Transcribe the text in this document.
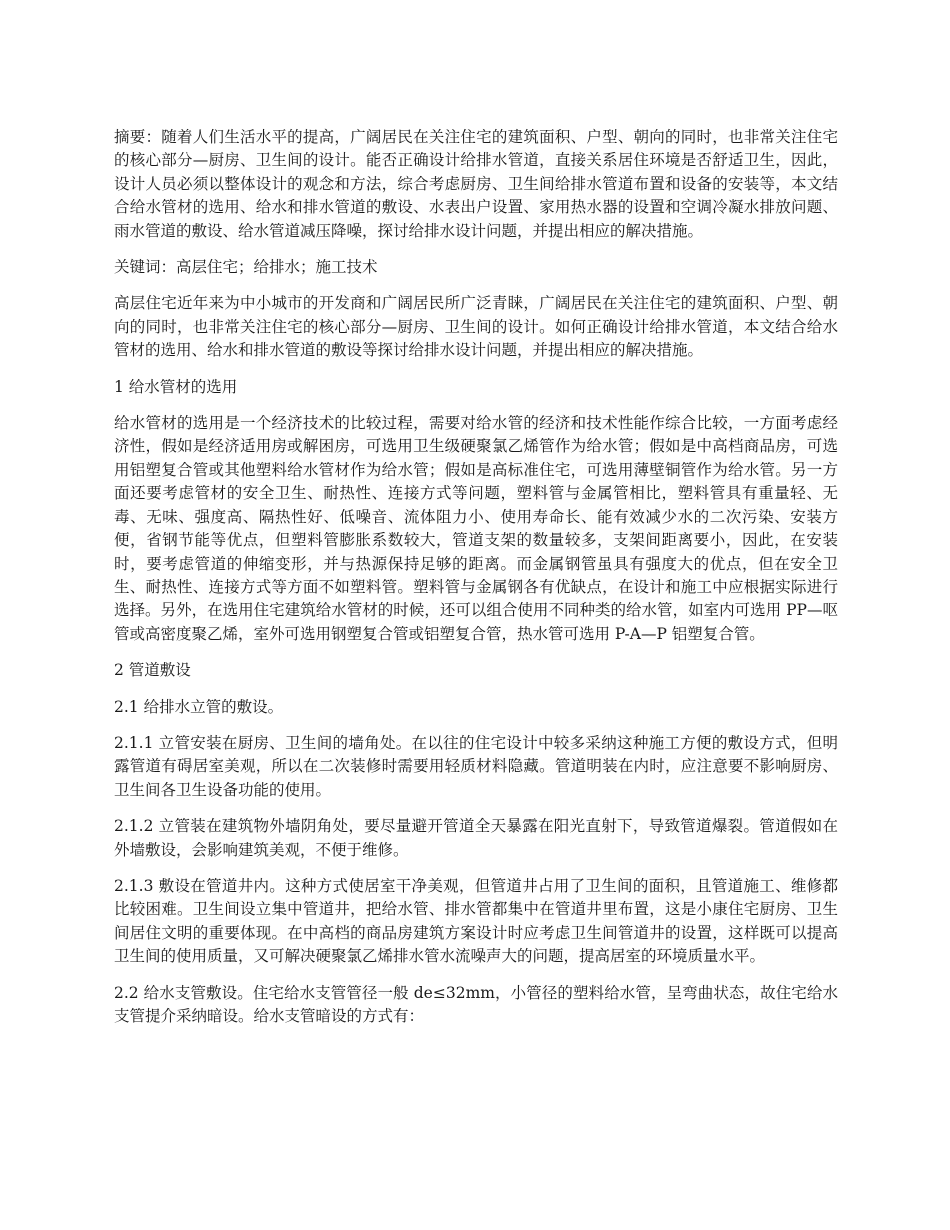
摘要：随着人们生活水平的提高，广阔居民在关注住宅的建筑面积、户型、朝向的同时，也非常关注住宅的核心部分—厨房、卫生间的设计。能否正确设计给排水管道，直接关系居住环境是否舒适卫生，因此，设计人员必须以整体设计的观念和方法，综合考虑厨房、卫生间给排水管道布置和设备的安装等，本文结合给水管材的选用、给水和排水管道的敷设、水表出户设置、家用热水器的设置和空调冷凝水排放问题、雨水管道的敷设、给水管道减压降噪，探讨给排水设计问题，并提出相应的解决措施。

关键词：高层住宅；给排水；施工技术

高层住宅近年来为中小城市的开发商和广阔居民所广泛青睐，广阔居民在关注住宅的建筑面积、户型、朝向的同时，也非常关注住宅的核心部分—厨房、卫生间的设计。如何正确设计给排水管道，本文结合给水管材的选用、给水和排水管道的敷设等探讨给排水设计问题，并提出相应的解决措施。

1 给水管材的选用

给水管材的选用是一个经济技术的比较过程，需要对给水管的经济和技术性能作综合比较，一方面考虑经济性，假如是经济适用房或解困房，可选用卫生级硬聚氯乙烯管作为给水管；假如是中高档商品房，可选用铝塑复合管或其他塑料给水管材作为给水管；假如是高标准住宅，可选用薄壁铜管作为给水管。另一方面还要考虑管材的安全卫生、耐热性、连接方式等问题，塑料管与金属管相比，塑料管具有重量轻、无毒、无味、强度高、隔热性好、低噪音、流体阻力小、使用寿命长、能有效减少水的二次污染、安装方便，省钢节能等优点，但塑料管膨胀系数较大，管道支架的数量较多，支架间距离要小，因此，在安装时，要考虑管道的伸缩变形，并与热源保持足够的距离。而金属钢管虽具有强度大的优点，但在安全卫生、耐热性、连接方式等方面不如塑料管。塑料管与金属钢各有优缺点，在设计和施工中应根据实际进行选择。另外，在选用住宅建筑给水管材的时候，还可以组合使用不同种类的给水管，如室内可选用 PP—呕管或高密度聚乙烯，室外可选用钢塑复合管或铝塑复合管，热水管可选用 P-A—P 铝塑复合管。

2 管道敷设

2.1 给排水立管的敷设。

2.1.1 立管安装在厨房、卫生间的墙角处。在以往的住宅设计中较多采纳这种施工方便的敷设方式，但明露管道有碍居室美观，所以在二次装修时需要用轻质材料隐藏。管道明装在内时，应注意要不影响厨房、卫生间各卫生设备功能的使用。

2.1.2 立管装在建筑物外墙阴角处，要尽量避开管道全天暴露在阳光直射下，导致管道爆裂。管道假如在外墙敷设，会影响建筑美观，不便于维修。

2.1.3 敷设在管道井内。这种方式使居室干净美观，但管道井占用了卫生间的面积，且管道施工、维修都比较困难。卫生间设立集中管道井，把给水管、排水管都集中在管道井里布置，这是小康住宅厨房、卫生间居住文明的重要体现。在中高档的商品房建筑方案设计时应考虑卫生间管道井的设置，这样既可以提高卫生间的使用质量，又可解决硬聚氯乙烯排水管水流噪声大的问题，提高居室的环境质量水平。

2.2 给水支管敷设。住宅给水支管管径一般 de≤32mm，小管径的塑料给水管，呈弯曲状态，故住宅给水支管提介采纳暗设。给水支管暗设的方式有：
